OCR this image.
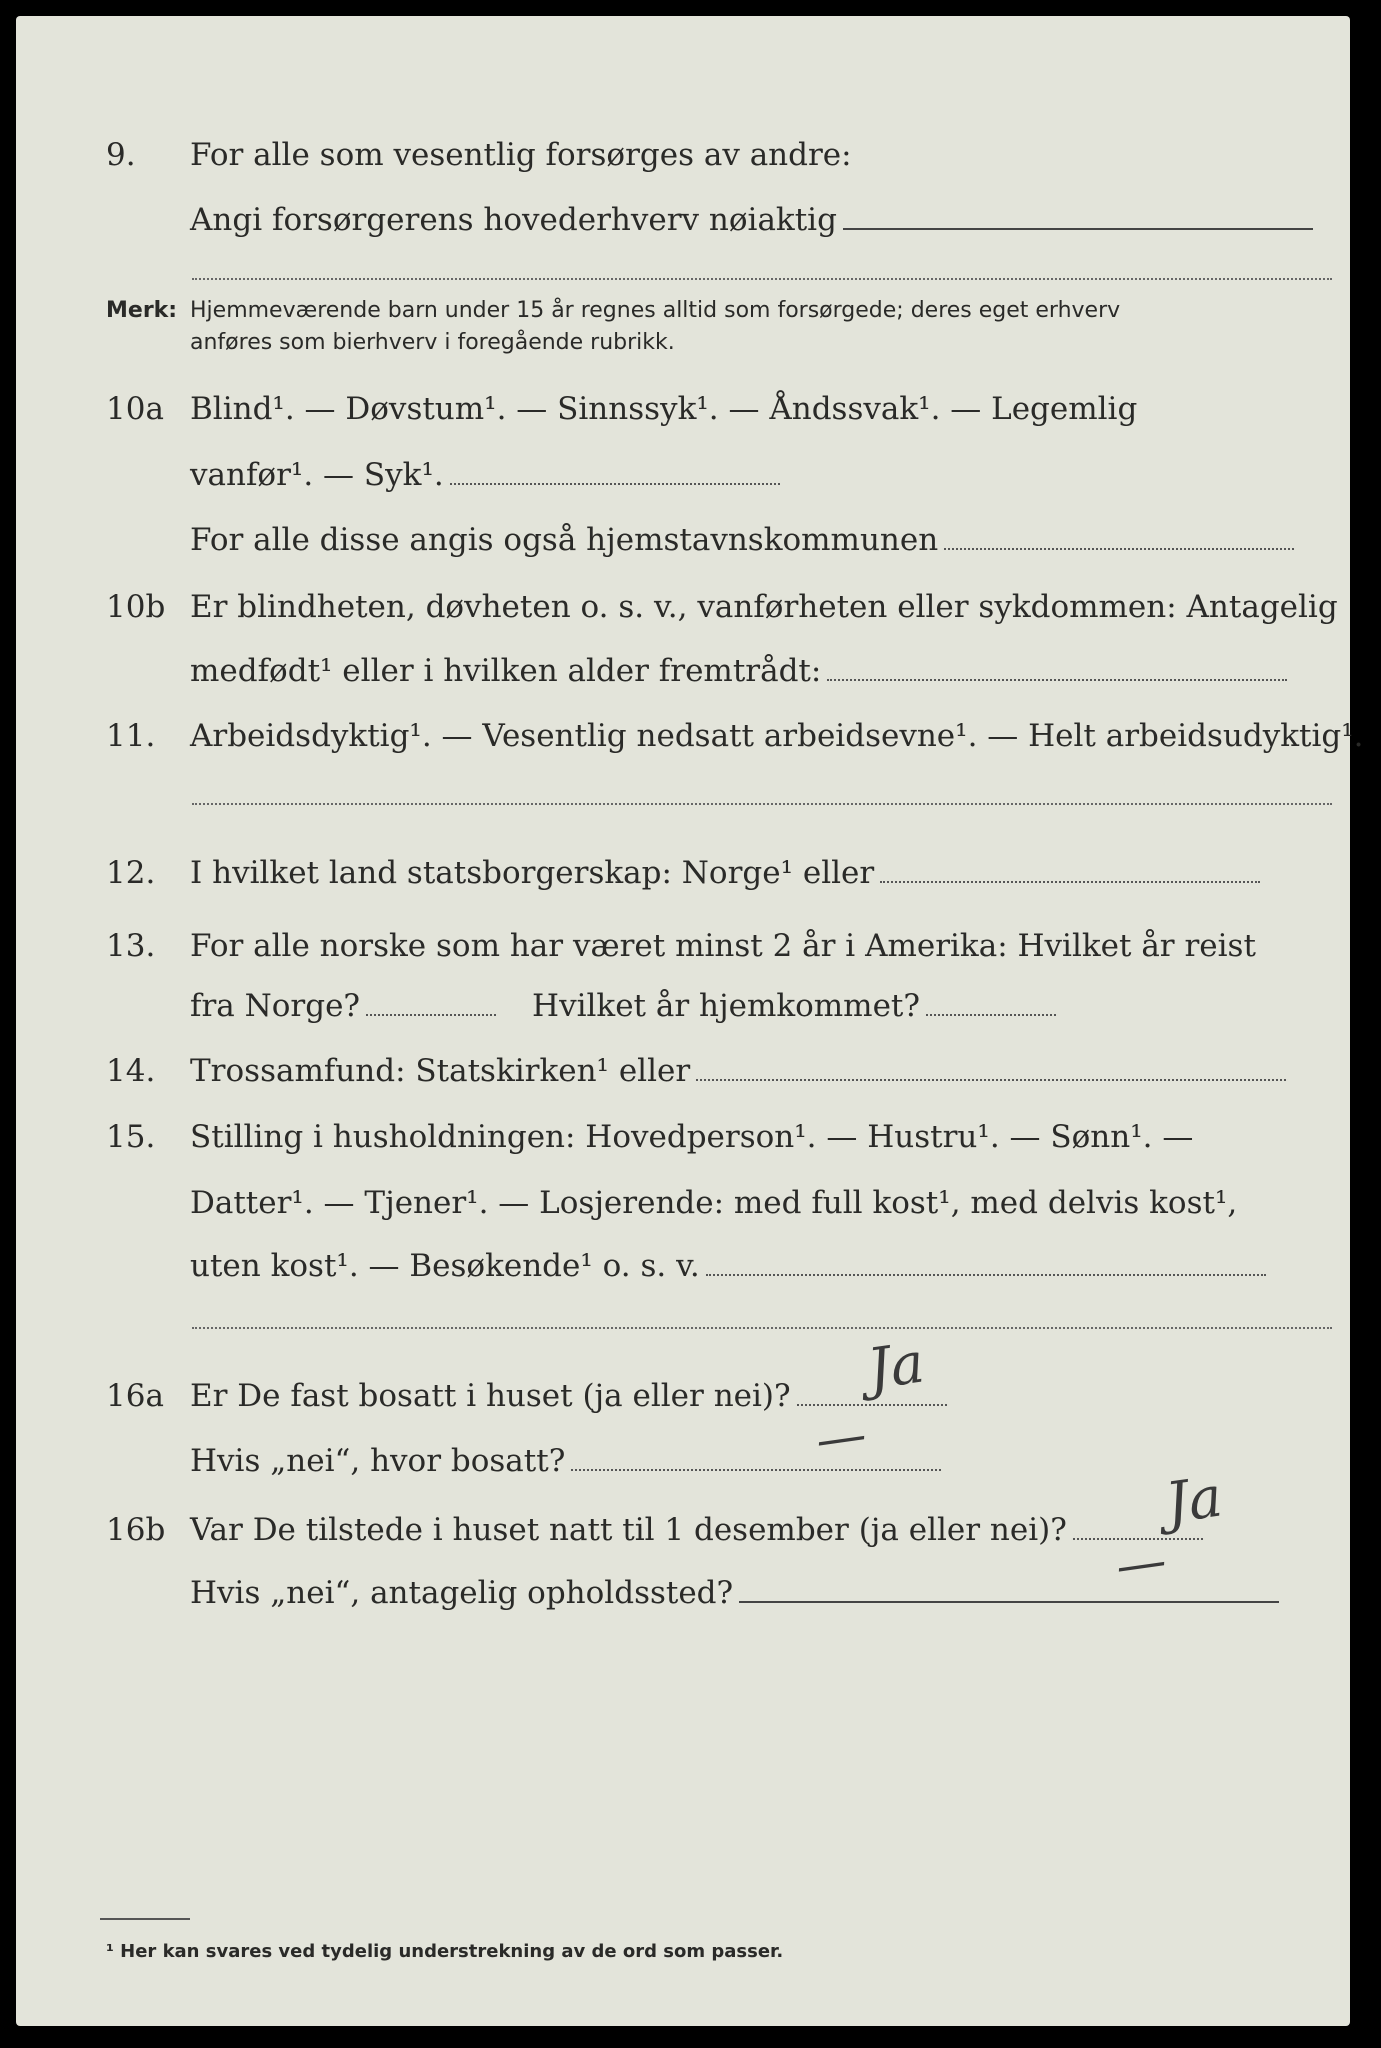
9. For alle som vesentlig forsørges av andre:
Angi forsørgerens hovederhverv nøiaktig
Merk: Hjemmeværende barn under 15 år regnes alltid som forsørgede; deres eget erhverv
anføres som bierhverv i foregående rubrikk.
10a Blind¹. — Døvstum¹. — Sinnssyk¹. — Åndssvak¹. — Legemlig
vanfør¹. — Syk¹.
For alle disse angis også hjemstavnskommunen
10b Er blindheten, døvheten o. s. v., vanførheten eller sykdommen: Antagelig
medfødt¹ eller i hvilken alder fremtrådt:
11. Arbeidsdyktig¹. — Vesentlig nedsatt arbeidsevne¹. — Helt arbeidsudyktig¹.
12. I hvilket land statsborgerskap: Norge¹ eller
13. For alle norske som har været minst 2 år i Amerika: Hvilket år reist
fra Norge?	Hvilket år hjemkommet?
14. Trossamfund: Statskirken¹ eller
15. Stilling i husholdningen: Hovedperson¹. — Hustru¹. — Sønn¹. —
Datter¹. — Tjener¹. — Losjerende: med full kost¹, med delvis kost¹,
uten kost¹. — Besøkende¹ o. s. v.
16a Er De fast bosatt i huset (ja eller nei)?	Ja
Hvis „nei“, hvor bosatt?	—
16b Var De tilstede i huset natt til 1 desember (ja eller nei)?	Ja
Hvis „nei“, antagelig opholdssted?	—
¹ Her kan svares ved tydelig understrekning av de ord som passer.
